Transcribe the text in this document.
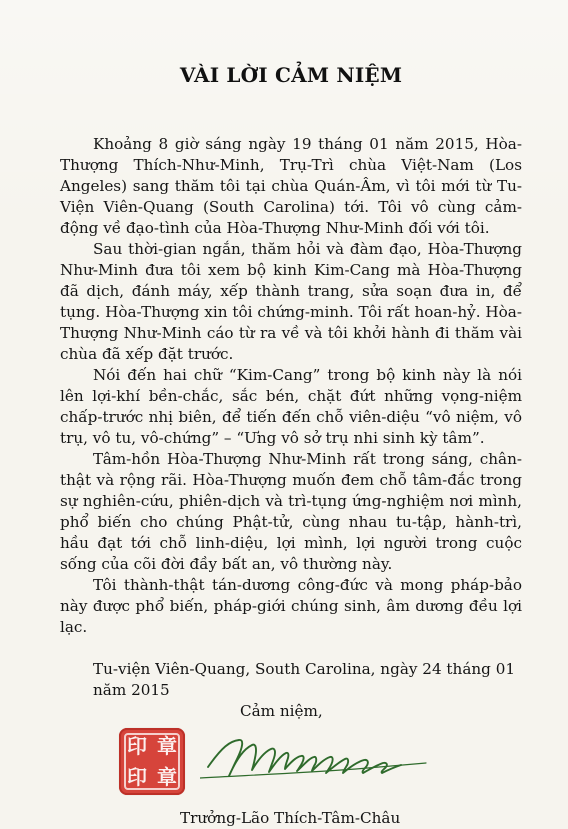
VÀI LỜI CẢM NIỆM

Khoảng 8 giờ sáng ngày 19 tháng 01 năm 2015, Hòa-Thượng Thích-Như-Minh, Trụ-Trì chùa Việt-Nam (Los Angeles) sang thăm tôi tại chùa Quán-Âm, vì tôi mới từ Tu-Viện Viên-Quang (South Carolina) tới. Tôi vô cùng cảm-động về đạo-tình của Hòa-Thượng Như-Minh đối với tôi.

Sau thời-gian ngắn, thăm hỏi và đàm đạo, Hòa-Thượng Như-Minh đưa tôi xem bộ kinh Kim-Cang mà Hòa-Thượng đã dịch, đánh máy, xếp thành trang, sửa soạn đưa in, để tụng. Hòa-Thượng xin tôi chứng-minh. Tôi rất hoan-hỷ. Hòa-Thượng Như-Minh cáo từ ra về và tôi khởi hành đi thăm vài chùa đã xếp đặt trước.

Nói đến hai chữ “Kim-Cang” trong bộ kinh này là nói lên lợi-khí bền-chắc, sắc bén, chặt đứt những vọng-niệm chấp-trước nhị biên, để tiến đến chỗ viên-diệu “vô niệm, vô trụ, vô tu, vô-chứng” – “Ưng vô sở trụ nhi sinh kỳ tâm”.

Tâm-hồn Hòa-Thượng Như-Minh rất trong sáng, chân-thật và rộng rãi. Hòa-Thượng muốn đem chỗ tâm-đắc trong sự nghiên-cứu, phiên-dịch và trì-tụng ứng-nghiệm nơi mình, phổ biến cho chúng Phật-tử, cùng nhau tu-tập, hành-trì, hầu đạt tới chỗ linh-diệu, lợi mình, lợi người trong cuộc sống của cõi đời đầy bất an, vô thường này.

Tôi thành-thật tán-dương công-đức và mong pháp-bảo này được phổ biến, pháp-giới chúng sinh, âm dương đều lợi lạc.

Tu-viện Viên-Quang, South Carolina, ngày 24 tháng 01 năm 2015
Cảm niệm,
印 章
印 章
Trưởng-Lão Thích-Tâm-Châu
